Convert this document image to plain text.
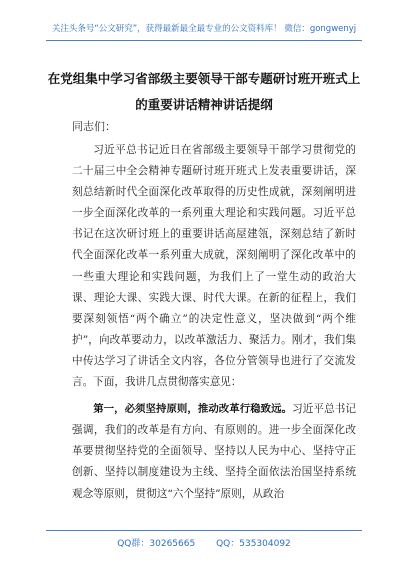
关注头条号“公文研究”，获得最新最全最专业的公文资料库！ 微信：gongwenyj
在党组集中学习省部级主要领导干部专题研讨班开班式上
的重要讲话精神讲话提纲
同志们：

习近平总书记近日在省部级主要领导干部学习贯彻党的二十届三中全会精神专题研讨班开班式上发表重要讲话，深刻总结新时代全面深化改革取得的历史性成就，深刻阐明进一步全面深化改革的一系列重大理论和实践问题。习近平总书记在这次研讨班上的重要讲话高屋建瓴，深刻总结了新时代全面深化改革一系列重大成就，深刻阐明了深化改革中的一些重大理论和实践问题，为我们上了一堂生动的政治大课、理论大课、实践大课、时代大课。在新的征程上，我们要深刻领悟“两个确立”的决定性意义，坚决做到“两个维护”，向改革要动力，以改革激活力、聚活力。刚才，我们集中传达学习了讲话全文内容，各位分管领导也进行了交流发言。下面，我讲几点贯彻落实意见：

第一，必须坚持原则，推动改革行稳致远。习近平总书记强调，我们的改革是有方向、有原则的。进一步全面深化改革要贯彻坚持党的全面领导、坚持以人民为中心、坚持守正创新、坚持以制度建设为主线、坚持全面依法治国坚持系统观念等原则，贯彻这“六个坚持”原则，从政治

QQ群：30265665 QQ：535304092
